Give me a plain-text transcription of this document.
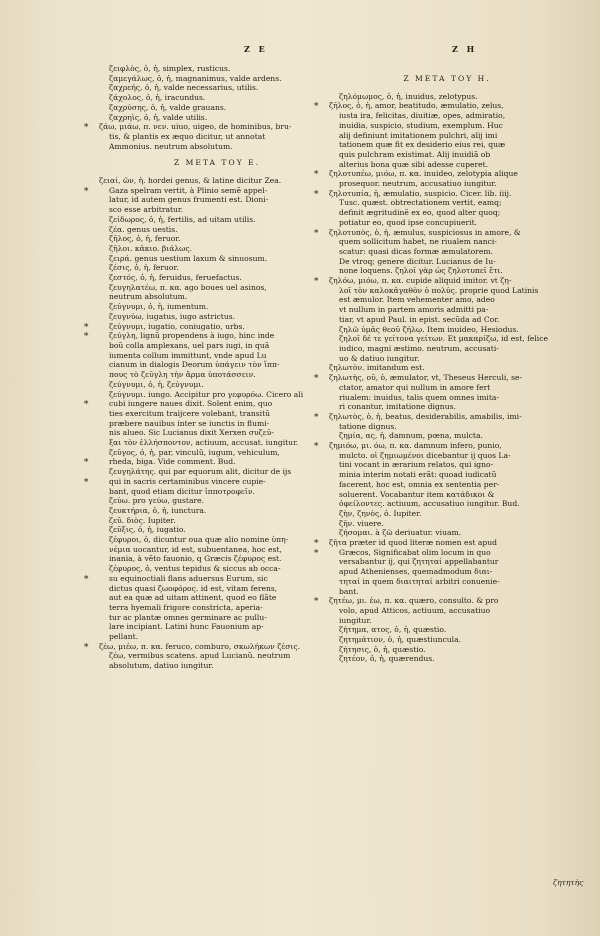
Z E	Z H
ζειφλὸς, ὁ, ἡ, simplex, rusticus.
ζαμεγάλως, ὁ, ἡ, magnanimus, valde ardens.
ζαχρεής, ὁ, ἡ, valde necessarius, utilis.
ζάχολος, ὁ, ἡ, iracundus.
ζαχρύσης, ὁ, ἡ, valde grauans.
ζαχρηὶς, ὁ, ἡ, valde utilis.
∗ ζάω, μιάω, π. νεν. uiuo, uigeo, de hominibus, bru-
tis, & plantis ex æquo dicitur, ut annotat
Ammonius. neutrum absolutum.
Z META TOY E.
ζειαί, ῶν, ἡ. hordei genus, & latine dicitur Zea.
∗	Gaza spelram vertit, à Plinio semẽ appel-
latur, id autem genus frumenti est. Dioni-
sco esse arbitratur.
ζείδωρος, ὁ, ἡ, fertilis, ad uitam utilis.
ζέα. genus uestis.
ζῆλος, ὁ, ἡ, feruor.
ζῆλοι. κἀκιο. βιάλως.
ζειρά. genus uestium laxum & sinuosum.
ζέσις, ὁ, ἡ, feruor.
ζεστός, ὁ, ἡ, feruidus, feruefactus.
ζευγηλατέω, π. κα. ago boues uel asinos,
neutrum absolutum.
ζεύγνυμι, ὁ, ἡ, iumentum.
ζευγνύω, iugatus, iugo astrictus.
∗	ζεύγνυμι, iugatio, coniugatio, urbs.
∗	ζεύγλη, lignũ propendens à iugo, hinc inde
boũ colla amplexans, uel pars iugi, in quã
iumenta collum immittunt, vnde apud Lu
cianum in dialogis Deorum ὑπάγειν τὸν ἵππ-
πους τὸ ζεῦγλη τὴν ἅρμα ὑποτάσσειν.
ζεύγνυμι, ὁ, ἡ, ζεύγνυμι.
ζεύγνυμι. iungo. Accipitur pro γεφυρόω. Cicero ali
∗	cubi iungere naues dixit. Solent enim, quo
ties exercitum traijcere volebant, transitũ
præbere nauibus inter se iunctis in flumi-
nis alueo. Sic Lucianus dixit Xerxen συζεῦ-
ξαι τὸν ἑλλήσποντον, actiuum, accusat. iungitur.
ζεῦγος, ὁ, ἡ, par, vinculũ, iugum, vehiculum,
∗	rheda, biga. Vide comment. Bud.
ζευγηλάτης. qui par equorum alit, dicitur de ijs
∗	qui in sacris certaminibus vincere cupie-
bant, quod etiam dicitur ἱπποτροφεῖν.
ζεύω. pro γεύω, gustare.
ζευκτήρια, ὁ, ἡ, iunctura.
ζεῦ. διὸς. Iupiter.
ζεῦξις, ὁ, ἡ, iugatio.
ζέφυροι, ὁ, dicuntur oua quæ alio nomine ὑπη-
νέμια uocantur, id est, subuentanea, hoc est,
inania, à vẽto fauonio, q Græcis ζέφυρος est.
ζέφυρος, ὁ, ventus tepidus & siccus ab occa-
∗	su equinoctiali flans aduersus Eurum, sic
dictus quasi ζωοφόρος. id est, vitam ferens,
aut ea quæ ad uitam attinent, quod eo flãte
terra hyemali frigore constricta, aperia-
tur ac plantæ omnes germinare ac pullu-
lare incipiant. Latini hunc Fauonium ap-
pellant.
∗ ζέω, μιέω, π. κα. feruco, comburo, σκωλήκων ζέσις.
ζέω, vermibus scatens. apud Lucianũ. neutrum
absolutum, datiuo iungitur.
Z META TOY H.
ζηλόμωμος, ὁ, ἡ, inuidus, zelotypus.
∗ ζῆλος, ὁ, ἡ, amor, beatitudo, æmulatio, zelus,
iusta ira, felicitas, diuitiæ, opes, admiratio,
inuidia, suspicio, studium, exemplum. Huc
alij definiunt imitationem pulchri, alij imi
tationem quæ fit ex desiderio eius rei, quæ
quis pulchram existimat. Alij inuidiã ob
alterius bona quæ sibi adesse cuperet.
∗ ζηλοτυπέω, μιόω, π. κα. inuideo, zelotypia alique
prosequor. neutrum, accusatiuo iungitur.
∗ ζηλοτυπία, ἡ, æmulatio, suspicio. Cicer. lib. iiij.
Tusc. quæst. obtrectationem vertit, eamq;
definit ægritudinẽ ex eo, quod alter quoq;
potiatur eo, quod ipse concupiuerit.
∗ ζηλοτυπὸς, ὁ, ἡ, æmulus, suspiciosus in amore, &
quem sollicitum habet, ne riualem nanci-
scatur: quasi dicas formæ æmulatorem.
De vtroq; genere dicitur. Lucianus de Iu-
none loquens. ζηλοῖ γὰρ ὡς ζηλοτυπεῖ ἔτι.
∗ ζηλόω, μιόω, π. κα. cupide aliquid imitor. vt ζη-
λοῖ τὸν καλοκἀγαθὸν ὁ πολύς. proprie quod Latinis
est æmulor. Item vehementer amo, adeo
vt nullum in partem amoris admitti pa-
tiar, vt apud Paul. in epist. secũda ad Cor.
ζηλῶ ὑμᾶς θεοῦ ζήλῳ. Item inuideo, Hesiodus.
ζηλοῖ δέ τε γείτονα γείτων. Et μακαρίζω, id est, felice
iudico, magni æstimo. neutrum, accusati-
uo & datiuo iungitur.
ζηλωτὸν. imitandum est.
∗ ζηλωτὴς, οῦ, ὁ, æmulator, vt, Theseus Herculi, se-
ctator, amator qui nullum in amore fert
riualem: inuidus, talis quem omnes imita-
ri conantur, imitatione dignus.
∗ ζηλωτὸς, ὁ, ἡ, beatus, desiderabilis, amabilis, imi-
tatione dignus.
ζημία, ας, ἡ, damnum, pœna, mulcta.
∗ ζημιόω, μι. όω, π. κα. damnum infero, punio,
mulcto. οἱ ζημιωμένοι dicebantur ij quos La-
tini vocant in ærarium relatos, qui igno-
minia interim notati erãt: quoad iudicatũ
facerent, hoc est, omnia ex sententia per-
soluerent. Vocabantur item κατάδικοι &
ὀφείλοντες. actiuum, accusatiuo iungitur. Bud.
ζὴν, ζηνὸς, ὁ. Iupiter.
ζῆν. viuere.
ζήσομαι. à ζῶ deriuatur. viuam.
∗ ζῆτα præter id quod literæ nomen est apud
∗	Græcos, Significabat olim locum in quo
versabantur ij, qui ζητηταί appellabantur
apud Athenienses, quemadmodum διαι-
τηταί in quem διαιτηταί arbitri conuenie-
bant.
∗ ζητέω, μι. έω, π. κα. quæro, consulto. & pro
volo, apud Atticos, actiuum, accusatiuo
iungitur.
ζήτημα, ατος, ὁ, ἡ, quæstio.
ζητημάτιον, ὁ, ἡ, quæstiuncula.
ζήτησις, ὁ, ἡ, quæstio.
ζητέον, ὁ, ἡ, quærendus.
ζητητὴς
